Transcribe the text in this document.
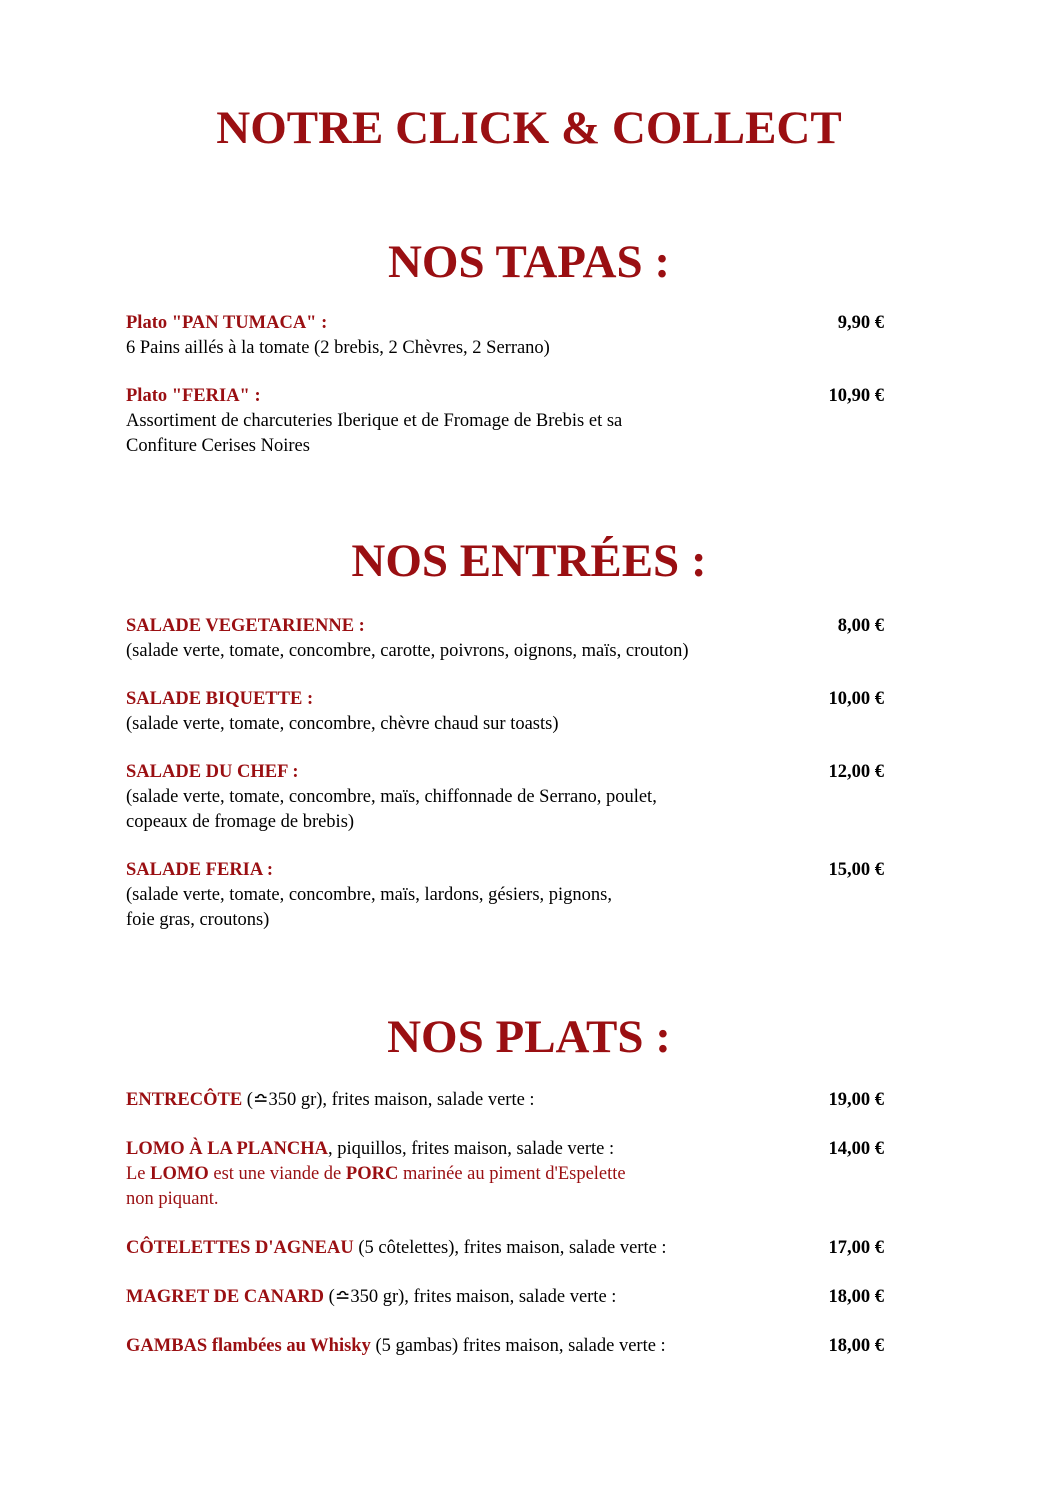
NOTRE CLICK & COLLECT
NOS TAPAS :
Plato "PAN TUMACA" :	9,90 €
6 Pains aillés à la tomate (2 brebis, 2 Chèvres, 2 Serrano)
Plato "FERIA" :	10,90 €
Assortiment de charcuteries Iberique et de Fromage de Brebis et sa
Confiture Cerises Noires
NOS ENTRÉES :
SALADE VEGETARIENNE :	8,00 €
(salade verte, tomate, concombre, carotte, poivrons, oignons, maïs, crouton)
SALADE BIQUETTE :	10,00 €
(salade verte, tomate, concombre, chèvre chaud sur toasts)
SALADE DU CHEF :	12,00 €
(salade verte, tomate, concombre, maïs, chiffonnade de Serrano, poulet,
copeaux de fromage de brebis)
SALADE FERIA :	15,00 €
(salade verte, tomate, concombre, maïs, lardons, gésiers, pignons,
foie gras, croutons)
NOS PLATS :
ENTRECÔTE (≏350 gr), frites maison, salade verte :	19,00 €
LOMO À LA PLANCHA, piquillos, frites maison, salade verte :	14,00 €
Le LOMO est une viande de PORC marinée au piment d'Espelette
non piquant.
CÔTELETTES D'AGNEAU (5 côtelettes), frites maison, salade verte :	17,00 €
MAGRET DE CANARD (≏350 gr), frites maison, salade verte :	18,00 €
GAMBAS flambées au Whisky (5 gambas) frites maison, salade verte :	18,00 €
